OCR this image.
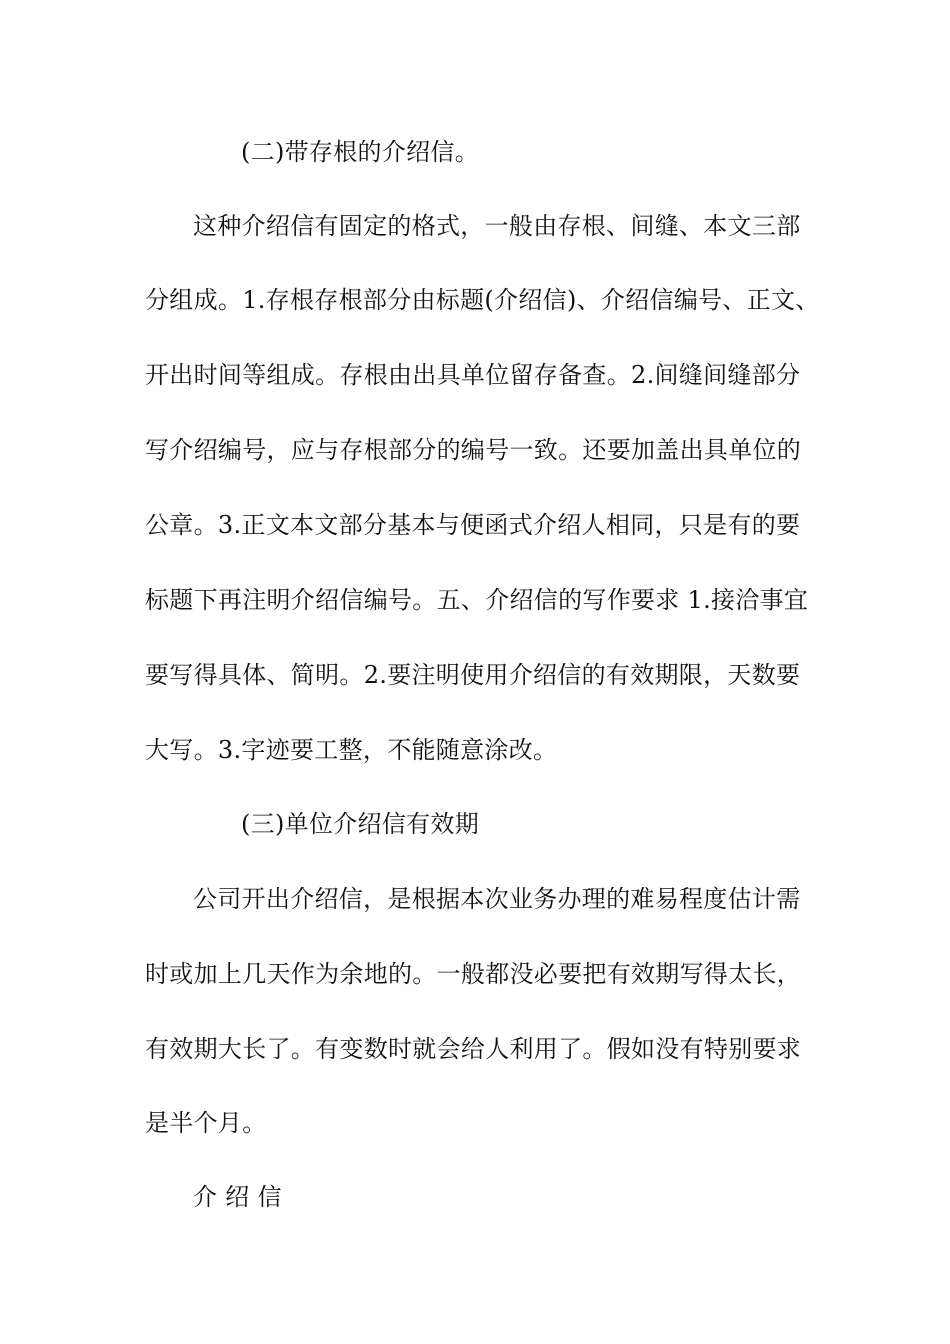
(二)带存根的介绍信。
这种介绍信有固定的格式，一般由存根、间缝、本文三部
分组成。1.存根存根部分由标题(介绍信)、介绍信编号、正文、
开出时间等组成。存根由出具单位留存备查。2.间缝间缝部分
写介绍编号，应与存根部分的编号一致。还要加盖出具单位的
公章。3.正文本文部分基本与便函式介绍人相同，只是有的要
标题下再注明介绍信编号。五、介绍信的写作要求 1.接洽事宜
要写得具体、简明。2.要注明使用介绍信的有效期限，天数要
大写。3.字迹要工整，不能随意涂改。
(三)单位介绍信有效期
公司开出介绍信，是根据本次业务办理的难易程度估计需
时或加上几天作为余地的。一般都没必要把有效期写得太长，
有效期大长了。有变数时就会给人利用了。假如没有特别要求
是半个月。
介 绍 信
